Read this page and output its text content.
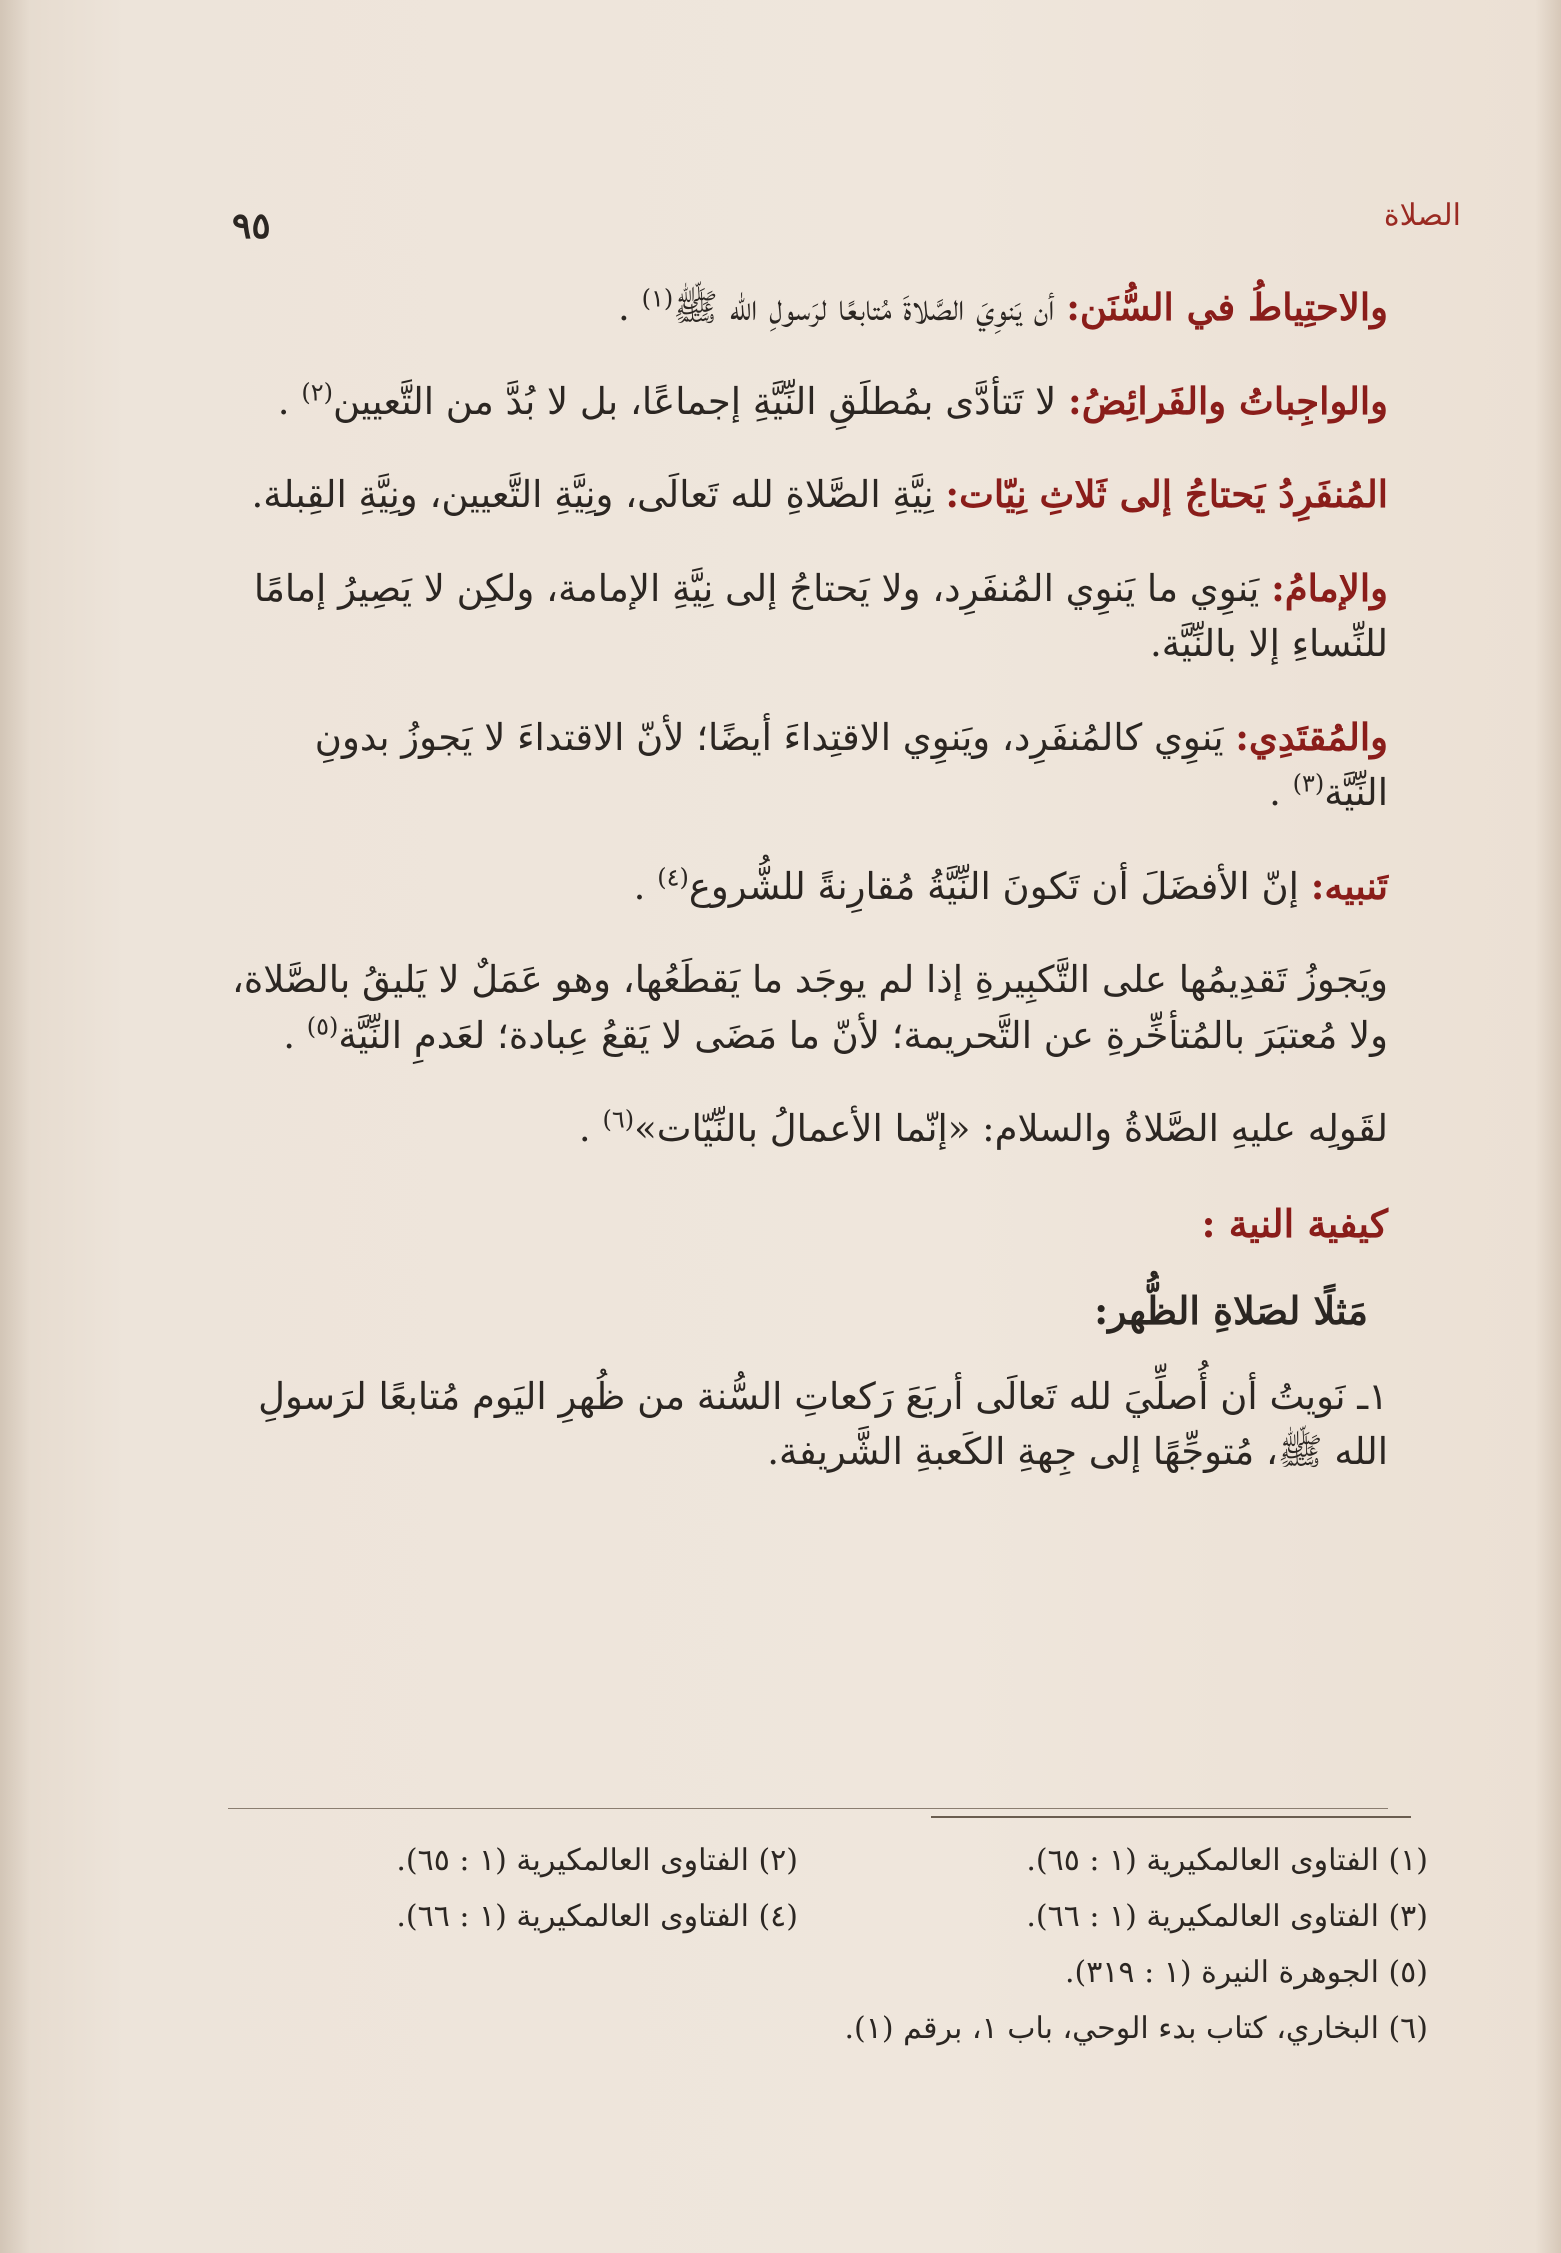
٩٥	الصلاة

والاحتِياطُ في السُّنَن: أن يَنوِيَ الصَّلاةَ مُتابعًا لرَسولِ الله ﷺ$^{(١)}$ .

والواجِباتُ والفَرائِضُ: لا تَتأدَّى بمُطلَقِ النِّيَّةِ إجماعًا، بل لا بُدَّ من التَّعيين$^{(٢)}$ .

المُنفَرِدُ يَحتاجُ إلى ثَلاثِ نِيّات: نِيَّةِ الصَّلاةِ لله تَعالَى، ونِيَّةِ التَّعيين، ونِيَّةِ القِبلة.

والإمامُ: يَنوِي ما يَنوِي المُنفَرِد، ولا يَحتاجُ إلى نِيَّةِ الإمامة، ولكِن لا يَصِيرُ إمامًا للنِّساءِ إلا بالنِّيَّة.

والمُقتَدِي: يَنوِي كالمُنفَرِد، ويَنوِي الاقتِداءَ أيضًا؛ لأنّ الاقتداءَ لا يَجوزُ بدونِ النِّيَّة$^{(٣)}$ .

تَنبيه: إنّ الأفضَلَ أن تَكونَ النِّيَّةُ مُقارِنةً للشُّروع$^{(٤)}$ .

ويَجوزُ تَقدِيمُها على التَّكبِيرةِ إذا لم يوجَد ما يَقطَعُها، وهو عَمَلٌ لا يَليقُ بالصَّلاة، ولا مُعتبَرَ بالمُتأخِّرةِ عن التَّحريمة؛ لأنّ ما مَضَى لا يَقعُ عِبادة؛ لعَدمِ النِّيَّة$^{(٥)}$ .

لقَولِه عليهِ الصَّلاةُ والسلام: «إنّما الأعمالُ بالنِّيّات»$^{(٦)}$ .

كيفية النية :
مَثلًا لصَلاةِ الظُّهر:

١ـ نَويتُ أن أُصلِّيَ لله تَعالَى أربَعَ رَكعاتِ السُّنة من ظُهرِ اليَوم مُتابعًا لرَسولِ الله ﷺ، مُتوجِّهًا إلى جِهةِ الكَعبةِ الشَّريفة.

(١) الفتاوى العالمكيرية (١ : ٦٥).
(٢) الفتاوى العالمكيرية (١ : ٦٥).
(٣) الفتاوى العالمكيرية (١ : ٦٦).
(٤) الفتاوى العالمكيرية (١ : ٦٦).
(٥) الجوهرة النيرة (١ : ٣١٩).
(٦) البخاري، كتاب بدء الوحي، باب ١، برقم (١).
